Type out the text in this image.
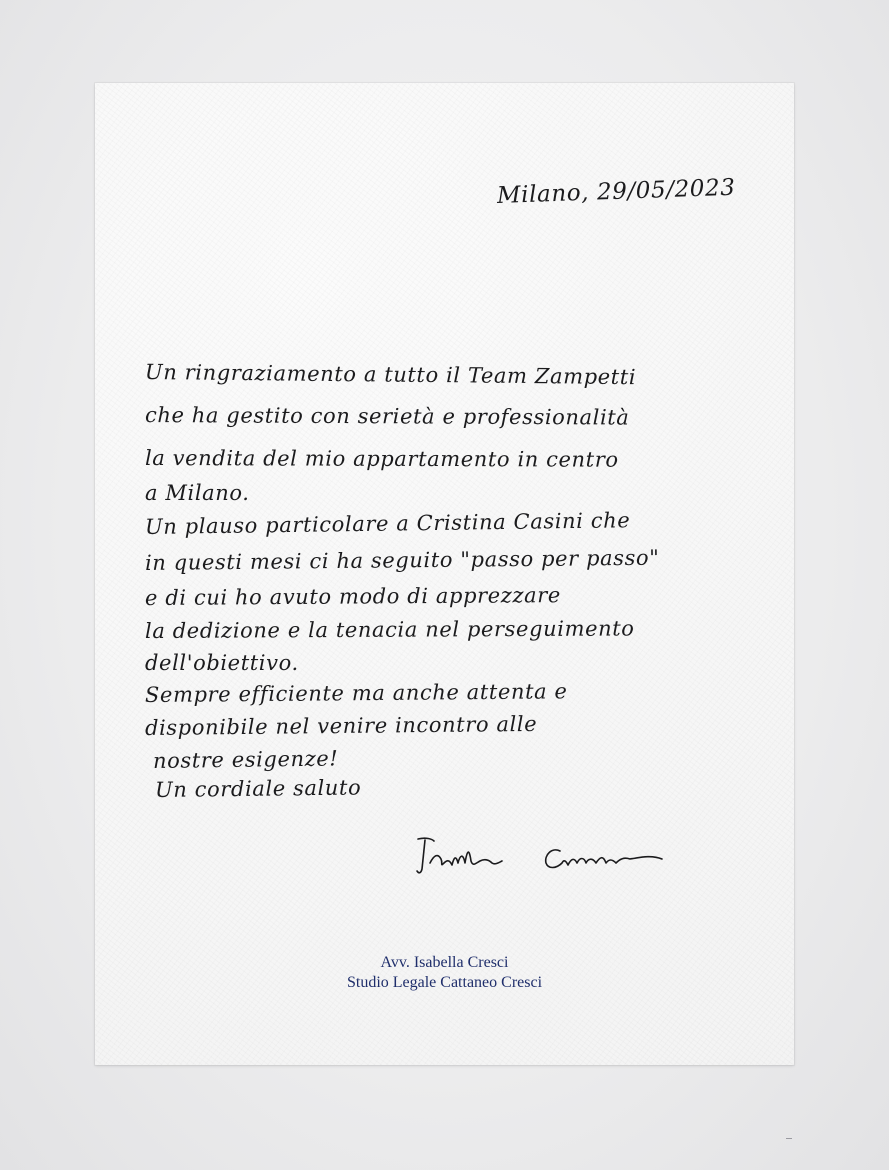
Milano, 29/05/2023
Un ringraziamento a tutto il Team Zampetti
che ha gestito con serietà e professionalità
la vendita del mio appartamento in centro
a Milano.
Un plauso particolare a Cristina Casini che
in questi mesi ci ha seguito "passo per passo"
e di cui ho avuto modo di apprezzare
la dedizione e la tenacia nel perseguimento
dell'obiettivo.
Sempre efficiente ma anche attenta e
disponibile nel venire incontro alle
nostre esigenze!
Un cordiale saluto
Avv. Isabella Cresci
Studio Legale Cattaneo Cresci
